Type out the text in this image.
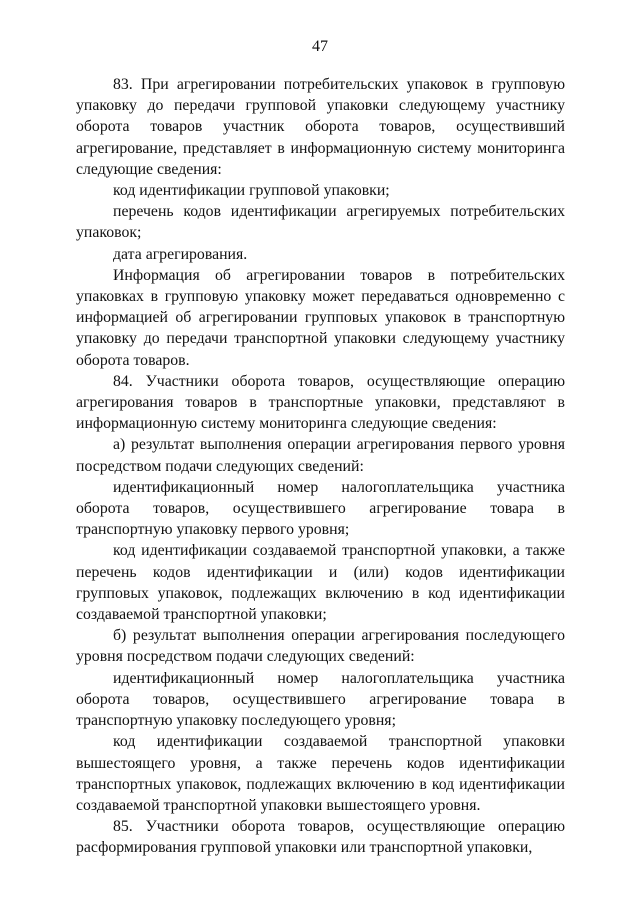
47

83. При агрегировании потребительских упаковок в групповую упаковку до передачи групповой упаковки следующему участнику оборота товаров участник оборота товаров, осуществивший агрегирование, представляет в информационную систему мониторинга следующие сведения:

код идентификации групповой упаковки;

перечень кодов идентификации агрегируемых потребительских упаковок;

дата агрегирования.

Информация об агрегировании товаров в потребительских упаковках в групповую упаковку может передаваться одновременно с информацией об агрегировании групповых упаковок в транспортную упаковку до передачи транспортной упаковки следующему участнику оборота товаров.

84. Участники оборота товаров, осуществляющие операцию агрегирования товаров в транспортные упаковки, представляют в информационную систему мониторинга следующие сведения:

а) результат выполнения операции агрегирования первого уровня посредством подачи следующих сведений:

идентификационный номер налогоплательщика участника оборота товаров, осуществившего агрегирование товара в транспортную упаковку первого уровня;

код идентификации создаваемой транспортной упаковки, а также перечень кодов идентификации и (или) кодов идентификации групповых упаковок, подлежащих включению в код идентификации создаваемой транспортной упаковки;

б) результат выполнения операции агрегирования последующего уровня посредством подачи следующих сведений:

идентификационный номер налогоплательщика участника оборота товаров, осуществившего агрегирование товара в транспортную упаковку последующего уровня;

код идентификации создаваемой транспортной упаковки вышестоящего уровня, а также перечень кодов идентификации транспортных упаковок, подлежащих включению в код идентификации создаваемой транспортной упаковки вышестоящего уровня.

85. Участники оборота товаров, осуществляющие операцию расформирования групповой упаковки или транспортной упаковки,
